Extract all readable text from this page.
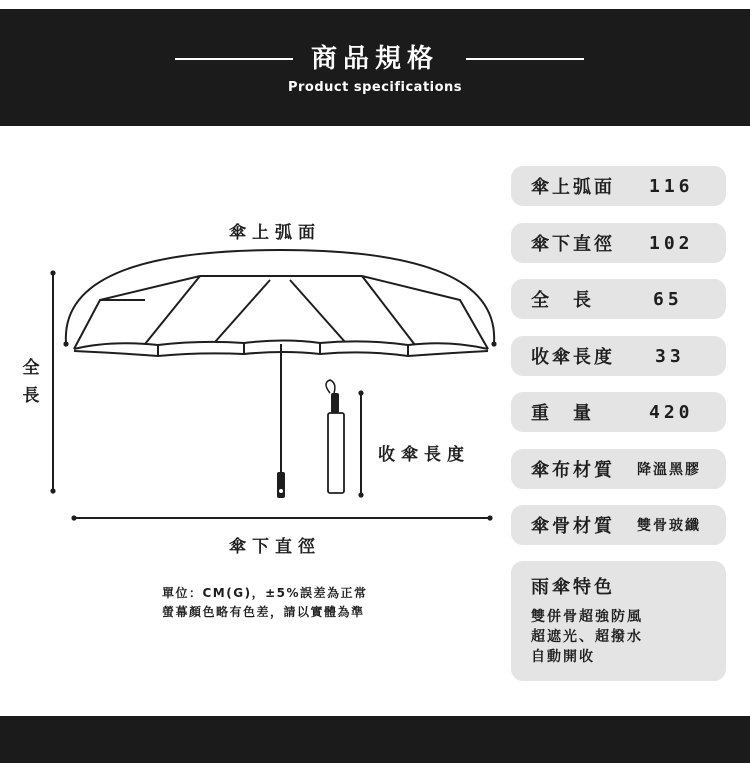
商品規格
Product specifications
傘上弧面
傘下直徑
收傘長度
全
長
單位：CM(G)，±5%誤差為正常
螢幕顏色略有色差，請以實體為準
傘上弧面 116
傘下直徑 102
全　長	65
收傘長度 33
重　量	420
傘布材質 降溫黑膠
傘骨材質 雙骨玻纖
雨傘特色
雙併骨超強防風
超遮光、超撥水
自動開收
